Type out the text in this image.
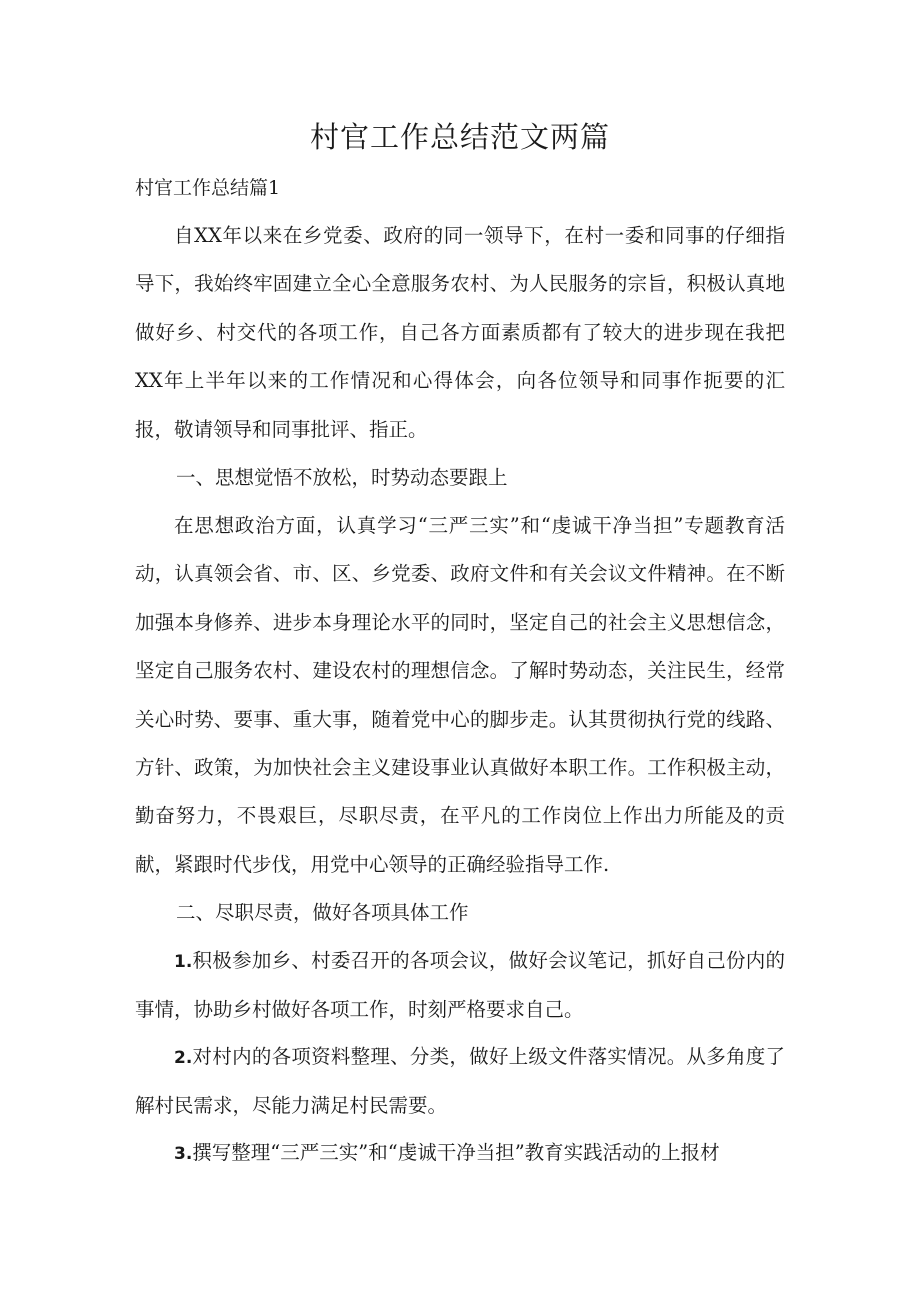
村官工作总结范文两篇
村官工作总结篇1

自XX年以来在乡党委、政府的同一领导下，在村一委和同事的仔细指导下，我始终牢固建立全心全意服务农村、为人民服务的宗旨，积极认真地做好乡、村交代的各项工作，自己各方面素质都有了较大的进步现在我把XX年上半年以来的工作情况和心得体会，向各位领导和同事作扼要的汇报，敬请领导和同事批评、指正。

一、思想觉悟不放松，时势动态要跟上

在思想政治方面，认真学习“三严三实”和“虔诚干净当担”专题教育活动，认真领会省、市、区、乡党委、政府文件和有关会议文件精神。在不断加强本身修养、进步本身理论水平的同时，坚定自己的社会主义思想信念，坚定自己服务农村、建设农村的理想信念。了解时势动态，关注民生，经常关心时势、要事、重大事，随着党中心的脚步走。认其贯彻执行党的线路、方针、政策，为加快社会主义建设事业认真做好本职工作。工作积极主动，勤奋努力，不畏艰巨，尽职尽责，在平凡的工作岗位上作出力所能及的贡献，紧跟时代步伐，用党中心领导的正确经验指导工作.

二、尽职尽责，做好各项具体工作

1.积极参加乡、村委召开的各项会议，做好会议笔记，抓好自己份内的事情，协助乡村做好各项工作，时刻严格要求自己。

2.对村内的各项资料整理、分类，做好上级文件落实情况。从多角度了解村民需求，尽能力满足村民需要。

3.撰写整理“三严三实”和“虔诚干净当担”教育实践活动的上报材
